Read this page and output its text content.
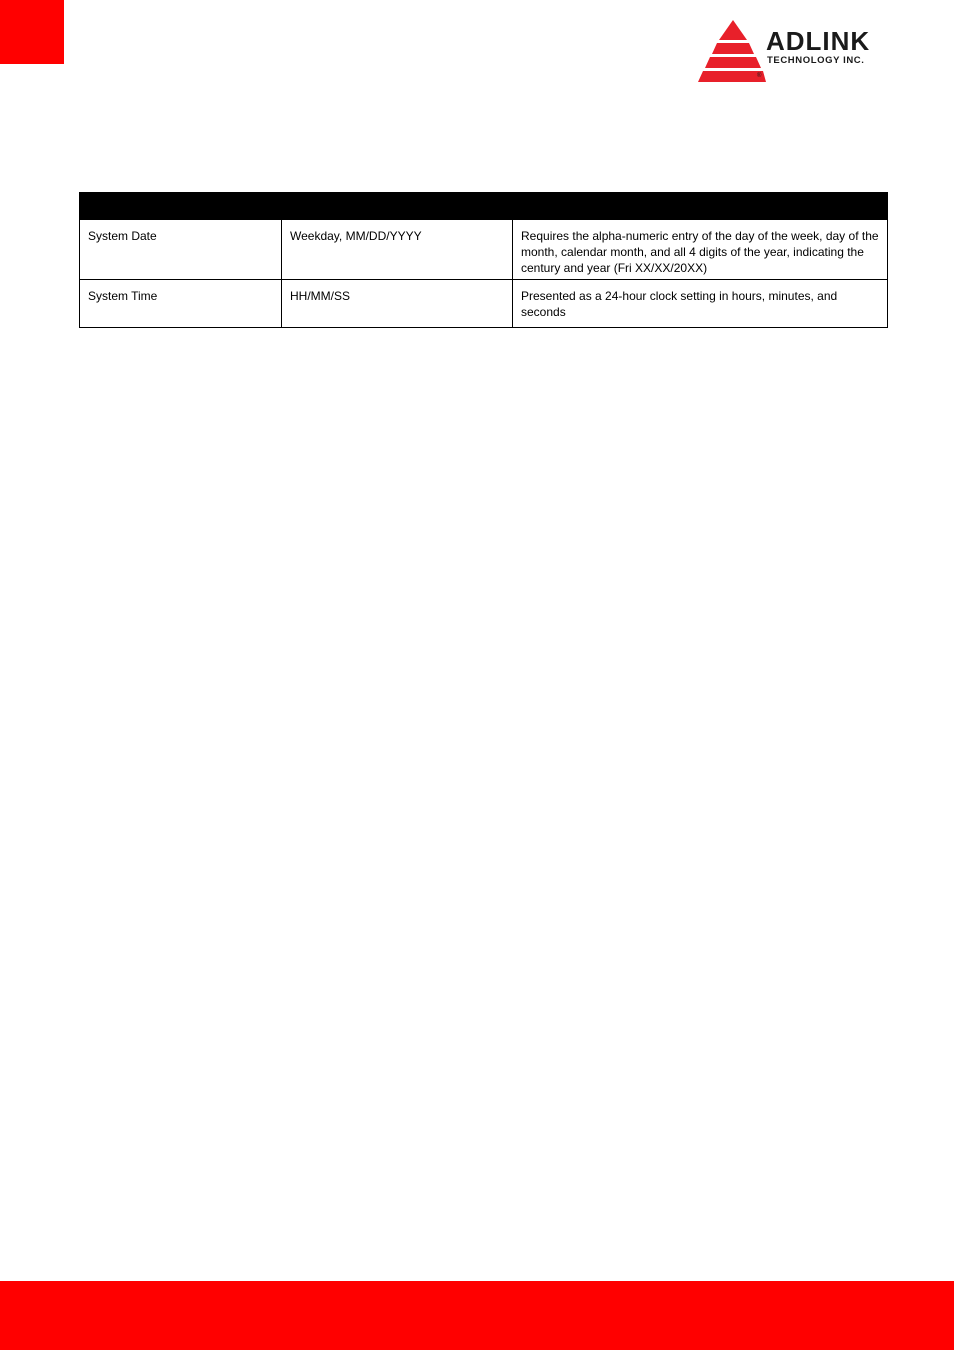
ADLINK
TECHNOLOGY INC.
®

System Date	Weekday, MM/DD/YYYY	Requires the alpha-numeric entry of the day of the week, day of the month, calendar month, and all 4 digits of the year, indicating the century and year (Fri XX/XX/20XX)
System Time	HH/MM/SS	Presented as a 24-hour clock setting in hours, minutes, and seconds
